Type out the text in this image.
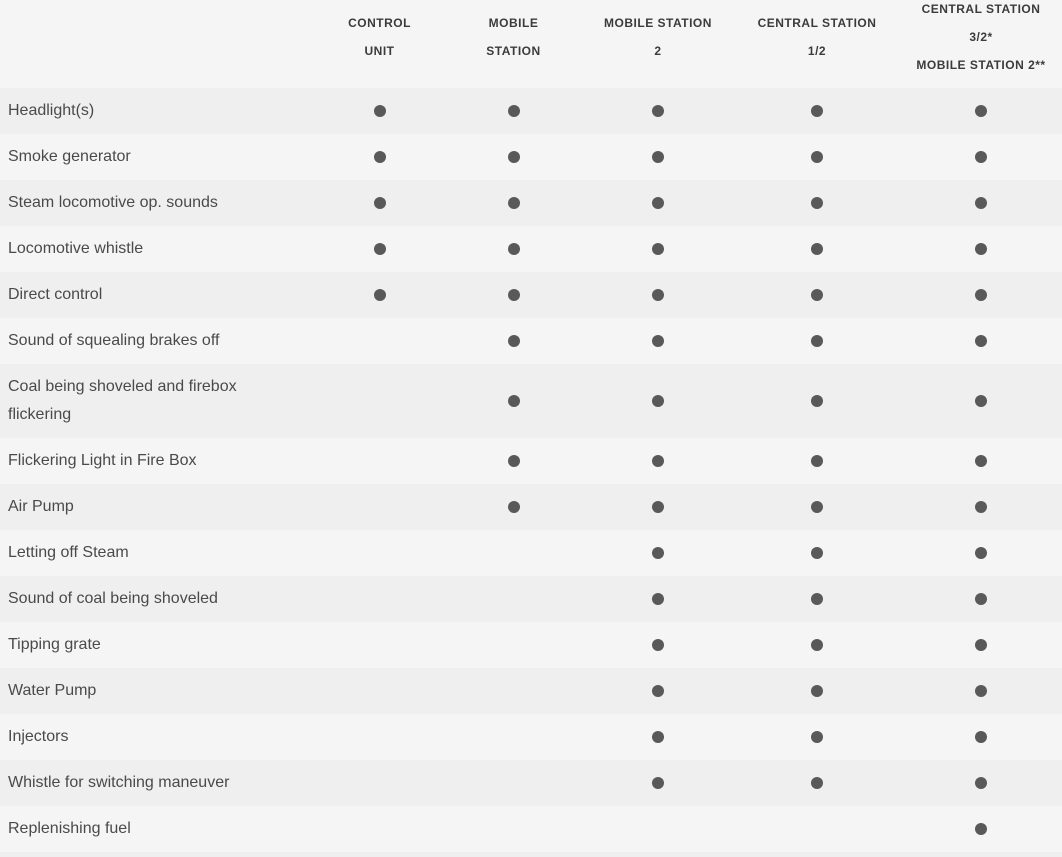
CONTROL
UNIT
MOBILE
STATION
MOBILE STATION
2
CENTRAL STATION
1/2
CENTRAL STATION
3/2*
MOBILE STATION 2**
Headlight(s)
Smoke generator
Steam locomotive op. sounds
Locomotive whistle
Direct control
Sound of squealing brakes off
Coal being shoveled and firebox flickering
Flickering Light in Fire Box
Air Pump
Letting off Steam
Sound of coal being shoveled
Tipping grate
Water Pump
Injectors
Whistle for switching maneuver
Replenishing fuel
